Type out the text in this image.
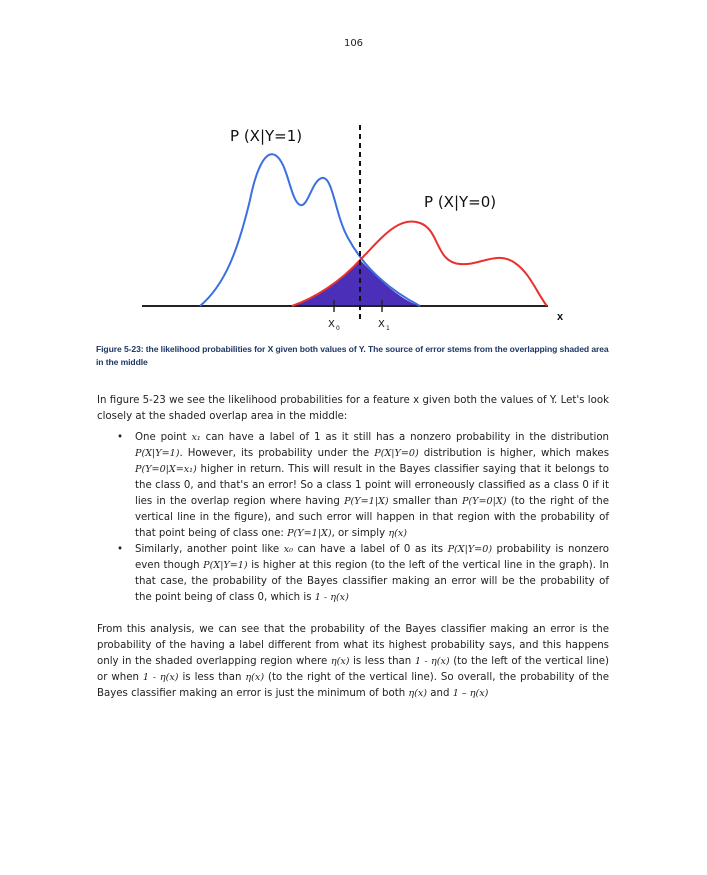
106
P (X|Y=1)
P (X|Y=0)
x
X 0	X 1
Figure 5-23: the likelihood probabilities for X given both values of Y. The source of error stems from the overlapping shaded area in the middle
In figure 5-23 we see the likelihood probabilities for a feature x given both the values of Y. Let's look closely at the shaded overlap area in the middle:
• One point x₁ can have a label of 1 as it still has a nonzero probability in the distribution P(X|Y=1). However, its probability under the P(X|Y=0) distribution is higher, which makes P(Y=0|X=x₁) higher in return. This will result in the Bayes classifier saying that it belongs to the class 0, and that's an error! So a class 1 point will erroneously classified as a class 0 if it lies in the overlap region where having P(Y=1|X) smaller than P(Y=0|X) (to the right of the vertical line in the figure), and such error will happen in that region with the probability of that point being of class one: P(Y=1|X), or simply η(x)
• Similarly, another point like x₀ can have a label of 0 as its P(X|Y=0) probability is nonzero even though P(X|Y=1) is higher at this region (to the left of the vertical line in the graph). In that case, the probability of the Bayes classifier making an error will be the probability of the point being of class 0, which is 1 - η(x)
From this analysis, we can see that the probability of the Bayes classifier making an error is the probability of the having a label different from what its highest probability says, and this happens only in the shaded overlapping region where η(x) is less than 1 - η(x) (to the left of the vertical line) or when 1 - η(x) is less than η(x) (to the right of the vertical line). So overall, the probability of the Bayes classifier making an error is just the minimum of both η(x) and 1 – η(x)
